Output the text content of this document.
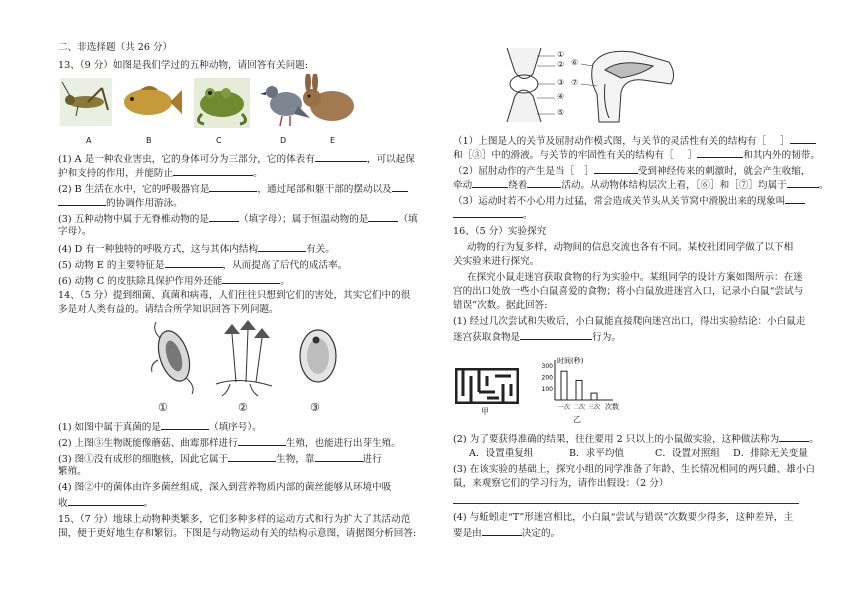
二、非选择题（共 26 分）
13、（9 分）如图是我们学过的五种动物，请回答有关问题:
A	B	C	D	E
(1) A 是一种农业害虫，它的身体可分为三部分，它的体表有	，可以起保
护和支持的作用，并能防止	。
(2) B 生活在水中，它的呼吸器官是	，通过尾部和躯干部的摆动以及
的协调作用游泳。
(3) 五种动物中属于无脊椎动物的是	（填字母）；属于恒温动物的是	（填
字母）。
(4) D 有一种独特的呼吸方式，这与其体内结构	有关。
(5) 动物 E 的主要特征是	，从而提高了后代的成活率。
(6) 动物 C 的皮肤除具保护作用外还能	。
14、（5 分）提到细菌、真菌和病毒，人们往往只想到它们的害处，其实它们中的很
多是对人类有益的。请结合所学知识回答下列问题。
①	②	③
(1) 如图中属于真菌的是	（填序号）。
(2) 上图③生物既能像蘑菇、曲霉那样进行	生殖，也能进行出芽生殖。
(3) 图①没有成形的细胞核，因此它属于	生物，靠	进行
繁殖。
(4) 图②中的菌体由许多菌丝组成，深入到营养物质内部的菌丝能够从环境中吸
收	。
15、（7 分）地球上动物种类繁多，它们多种多样的运动方式和行为扩大了其活动范
围，便于更好地生存和繁衍。下图是与动物运动有关的结构示意图，请据图分析回答:
①
②
③
④
⑤
⑥
⑦
（1）上图是人的关节及屈肘动作模式图，与关节的灵活性有关的结构有［ ］
和［③］中的滑液。与关节的牢固性有关的结构有［ ］	和其内外的韧带。
（2）屈肘动作的产生是当［ ］	受到神经传来的刺激时，就会产生收缩，
牵动	绕着	活动。从动物体结构层次上看，［⑥］和［⑦］均属于	。
（3）运动时若不小心用力过猛，常会造成关节头从关节窝中滑脱出来的现象叫
。
16、（5 分）实验探究
动物的行为复多样，动物间的信息交流也各有不同。某校社团同学做了以下相
关实验来进行探究。
在探究小鼠走迷宫获取食物的行为实验中。某组同学的设计方案如图所示：在迷
宫的出口处放一些小白鼠喜爱的食物；将小白鼠放进迷宫入口，记录小白鼠“尝试与
错误”次数。据此回答:
(1) 经过几次尝试和失败后，小白鼠能直接爬向迷宫出口，得出实验结论：小白鼠走
迷宫获取食物是	行为。
甲
时间(秒)
次数
100
200
300
一次 二次 三次
乙
(2) 为了要获得准确的结果，往往要用 2 只以上的小鼠做实验，这种做法称为	。
A．设置重复组	B．求平均值	C．设置对照组 D．排除无关变量
(3) 在该实验的基础上，探究小组的同学准备了年龄、生长情况相同的两只雌、雄小白
鼠，来观察它们的学习行为，请作出假设：（2 分）
(4) 与蚯蚓走“T”形迷宫相比，小白鼠“尝试与错误”次数要少得多，这种差异，主
要是由	决定的。
